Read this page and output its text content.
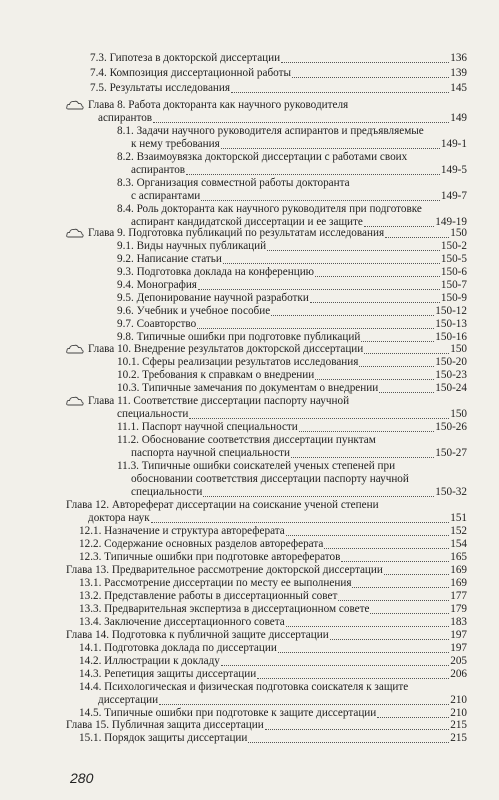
7.3. Гипотеза в докторской диссертации	136
7.4. Композиция диссертационной работы	139
7.5. Результаты исследования	145
Глава 8. Работа докторанта как научного руководителя
аспирантов	149
8.1. Задачи научного руководителя аспирантов и предъявляемые
к нему требования	149-1
8.2. Взаимоувязка докторской диссертации с работами своих
аспирантов	149-5
8.3. Организация совместной работы докторанта
с аспирантами	149-7
8.4. Роль докторанта как научного руководителя при подготовке
аспирант кандидатской диссертации и ее защите	149-19
Глава 9. Подготовка публикаций по результатам исследования	150
9.1. Виды научных публикаций	150-2
9.2. Написание статьи	150-5
9.3. Подготовка доклада на конференцию	150-6
9.4. Монография	150-7
9.5. Депонирование научной разработки	150-9
9.6. Учебник и учебное пособие	150-12
9.7. Соавторство	150-13
9.8. Типичные ошибки при подготовке публикаций	150-16
Глава 10. Внедрение результатов докторской диссертации	150
10.1. Сферы реализации результатов исследования	150-20
10.2. Требования к справкам о внедрении	150-23
10.3. Типичные замечания по документам о внедрении	150-24
Глава 11. Соответствие диссертации паспорту научной
специальности	150
11.1. Паспорт научной специальности	150-26
11.2. Обоснование соответствия диссертации пунктам
паспорта научной специальности	150-27
11.3. Типичные ошибки соискателей ученых степеней при
обосновании соответствия диссертации паспорту научной
специальности	150-32
Глава 12. Автореферат диссертации на соискание ученой степени
доктора наук	151
12.1. Назначение и структура автореферата	152
12.2. Содержание основных разделов автореферата	154
12.3. Типичные ошибки при подготовке авторефератов	165
Глава 13. Предварительное рассмотрение докторской диссертации	169
13.1. Рассмотрение диссертации по месту ее выполнения	169
13.2. Представление работы в диссертационный совет	177
13.3. Предварительная экспертиза в диссертационном совете	179
13.4. Заключение диссертационного совета	183
Глава 14. Подготовка к публичной защите диссертации	197
14.1. Подготовка доклада по диссертации	197
14.2. Иллюстрации к докладу	205
14.3. Репетиция защиты диссертации	206
14.4. Психологическая и физическая подготовка соискателя к защите
диссертации	210
14.5. Типичные ошибки при подготовке к защите диссертации	210
Глава 15. Публичная защита диссертации	215
15.1. Порядок защиты диссертации	215
280
